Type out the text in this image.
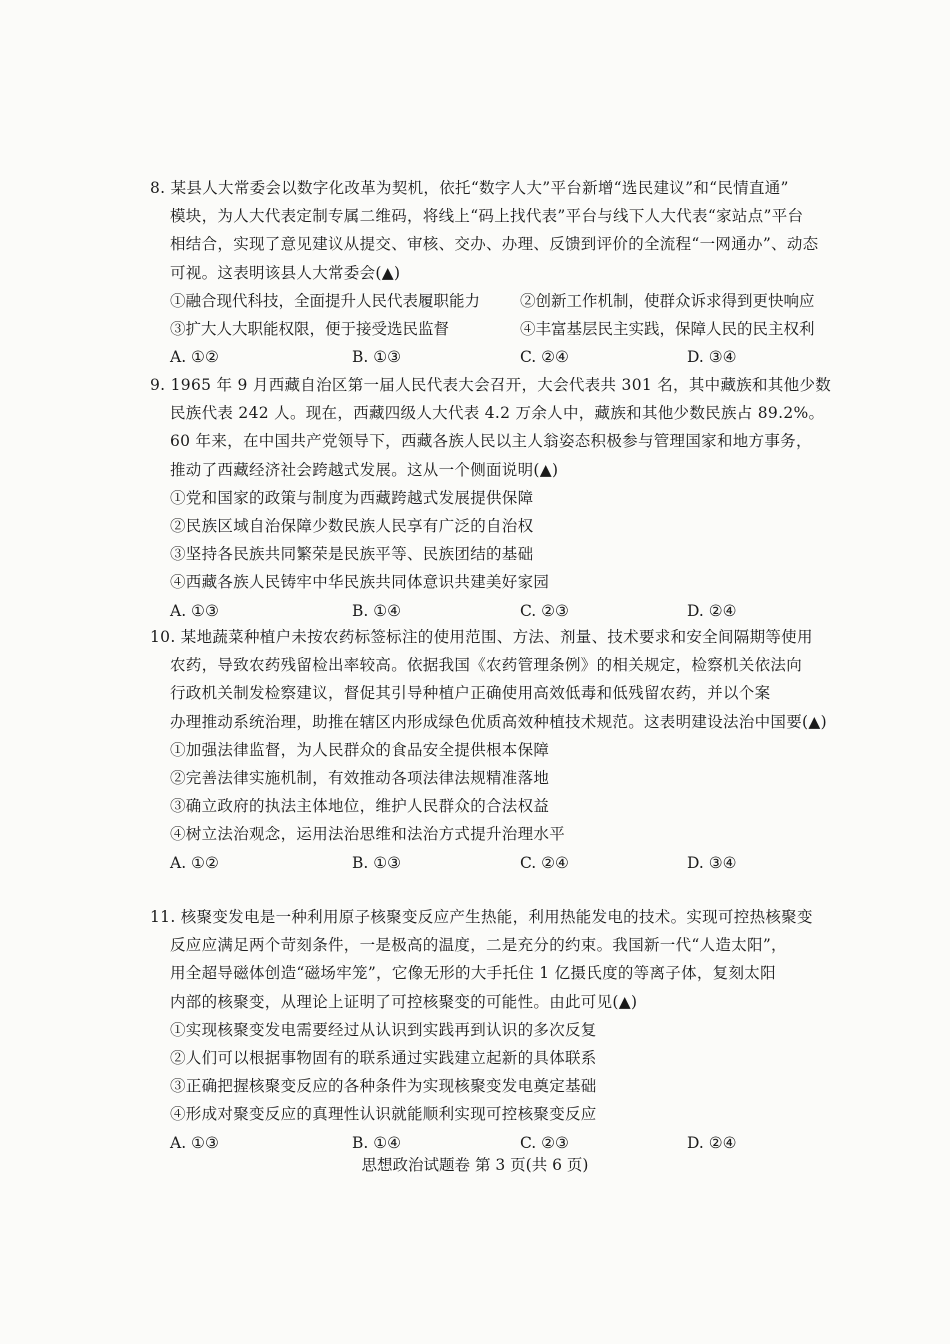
8. 某县人大常委会以数字化改革为契机，依托“数字人大”平台新增“选民建议”和“民情直通”
模块，为人大代表定制专属二维码，将线上“码上找代表”平台与线下人大代表“家站点”平台
相结合，实现了意见建议从提交、审核、交办、办理、反馈到评价的全流程“一网通办”、动态
可视。这表明该县人大常委会(▲)
①融合现代科技，全面提升人民代表履职能力	②创新工作机制，使群众诉求得到更快响应
③扩大人大职能权限，便于接受选民监督	④丰富基层民主实践，保障人民的民主权利
A. ①②	B. ①③	C. ②④	D. ③④
9. 1965 年 9 月西藏自治区第一届人民代表大会召开，大会代表共 301 名，其中藏族和其他少数
民族代表 242 人。现在，西藏四级人大代表 4.2 万余人中，藏族和其他少数民族占 89.2%。
60 年来，在中国共产党领导下，西藏各族人民以主人翁姿态积极参与管理国家和地方事务，
推动了西藏经济社会跨越式发展。这从一个侧面说明(▲)
①党和国家的政策与制度为西藏跨越式发展提供保障
②民族区域自治保障少数民族人民享有广泛的自治权
③坚持各民族共同繁荣是民族平等、民族团结的基础
④西藏各族人民铸牢中华民族共同体意识共建美好家园
A. ①③	B. ①④	C. ②③	D. ②④
10. 某地蔬菜种植户未按农药标签标注的使用范围、方法、剂量、技术要求和安全间隔期等使用
农药，导致农药残留检出率较高。依据我国《农药管理条例》的相关规定，检察机关依法向
行政机关制发检察建议，督促其引导种植户正确使用高效低毒和低残留农药，并以个案
办理推动系统治理，助推在辖区内形成绿色优质高效种植技术规范。这表明建设法治中国要(▲)
①加强法律监督，为人民群众的食品安全提供根本保障
②完善法律实施机制，有效推动各项法律法规精准落地
③确立政府的执法主体地位，维护人民群众的合法权益
④树立法治观念，运用法治思维和法治方式提升治理水平
A. ①②	B. ①③	C. ②④	D. ③④
11. 核聚变发电是一种利用原子核聚变反应产生热能，利用热能发电的技术。实现可控热核聚变
反应应满足两个苛刻条件，一是极高的温度，二是充分的约束。我国新一代“人造太阳”，
用全超导磁体创造“磁场牢笼”，它像无形的大手托住 1 亿摄氏度的等离子体，复刻太阳
内部的核聚变，从理论上证明了可控核聚变的可能性。由此可见(▲)
①实现核聚变发电需要经过从认识到实践再到认识的多次反复
②人们可以根据事物固有的联系通过实践建立起新的具体联系
③正确把握核聚变反应的各种条件为实现核聚变发电奠定基础
④形成对聚变反应的真理性认识就能顺利实现可控核聚变反应
A. ①③	B. ①④	C. ②③	D. ②④
思想政治试题卷 第 3 页(共 6 页)
